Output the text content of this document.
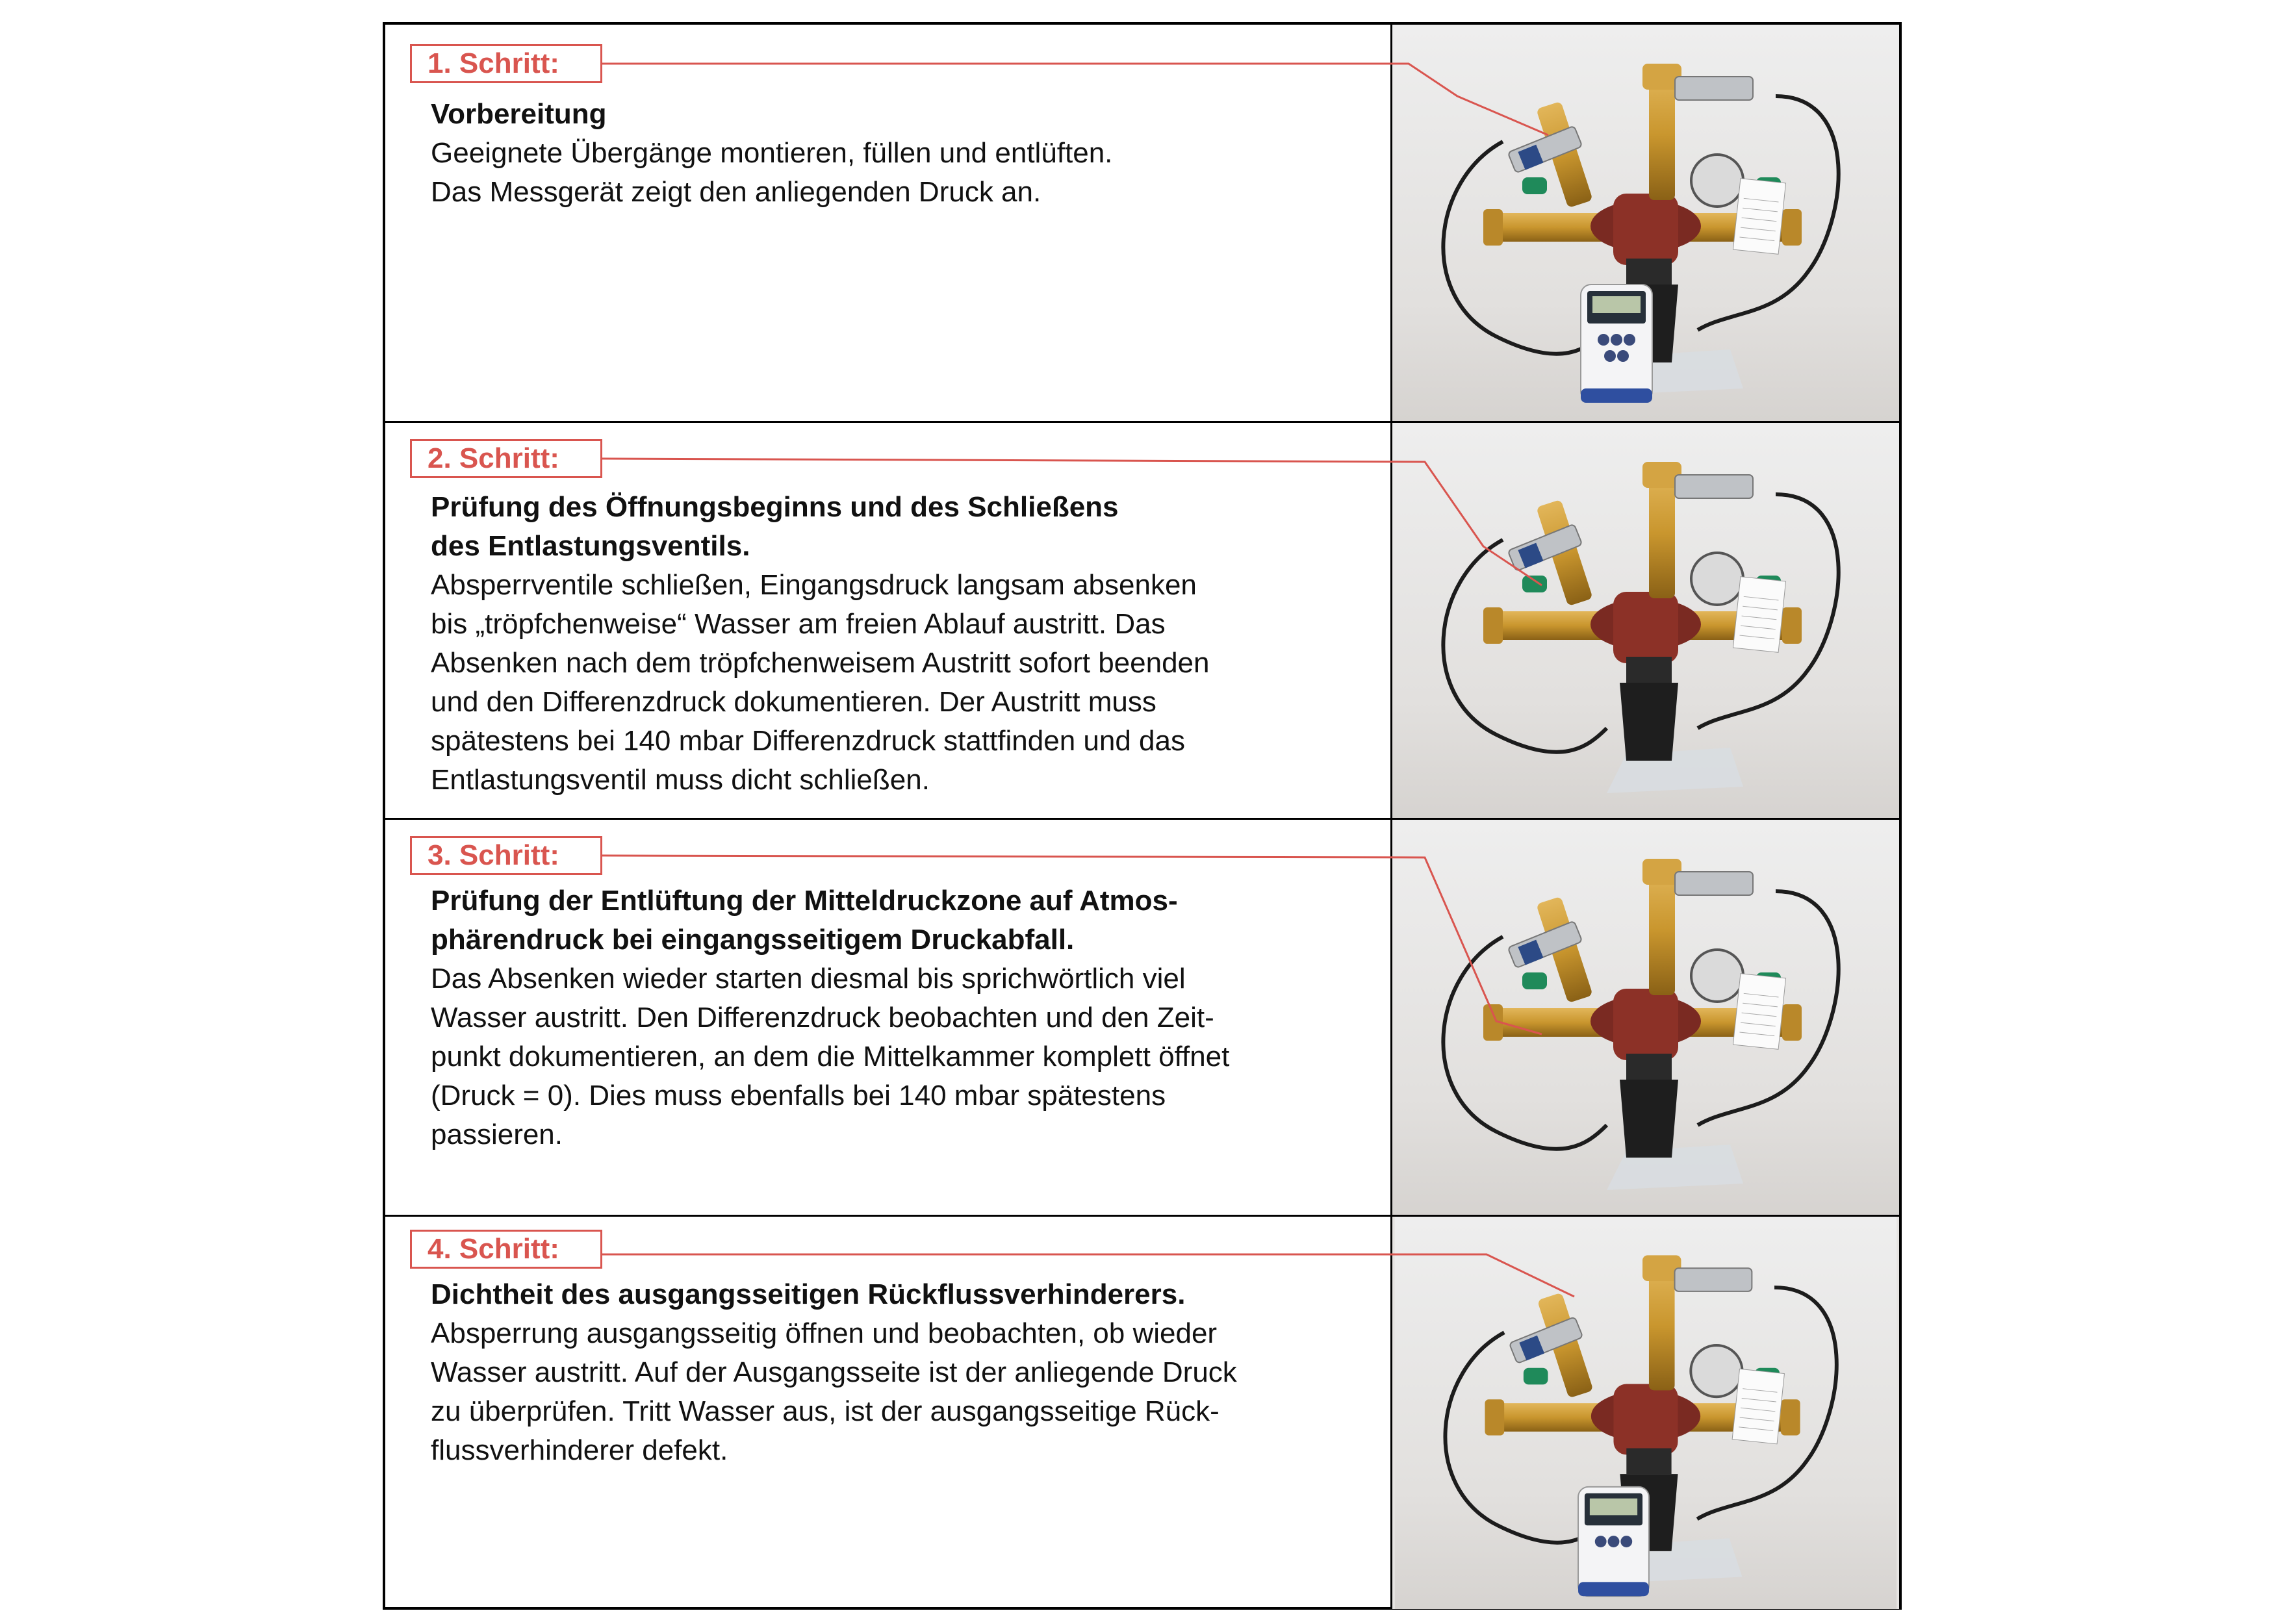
1. Schritt:
Vorbereitung
Geeignete Übergänge montieren, füllen und entlüften.
Das Messgerät zeigt den anliegenden Druck an.
2. Schritt:
Prüfung des Öffnungsbeginns und des Schließens
des Entlastungsventils.
Absperrventile schließen, Eingangsdruck langsam absenken
bis „tröpfchenweise“ Wasser am freien Ablauf austritt. Das
Absenken nach dem tröpfchenweisem Austritt sofort beenden
und den Differenzdruck dokumentieren. Der Austritt muss
spätestens bei 140 mbar Differenzdruck stattfinden und das
Entlastungsventil muss dicht schließen.
3. Schritt:
Prüfung der Entlüftung der Mitteldruckzone auf Atmos-
phärendruck bei eingangsseitigem Druckabfall.
Das Absenken wieder starten diesmal bis sprichwörtlich viel
Wasser austritt. Den Differenzdruck beobachten und den Zeit-
punkt dokumentieren, an dem die Mittelkammer komplett öffnet
(Druck = 0). Dies muss ebenfalls bei 140 mbar spätestens
passieren.
4. Schritt:
Dichtheit des ausgangsseitigen Rückflussverhinderers.
Absperrung ausgangsseitig öffnen und beobachten, ob wieder
Wasser austritt. Auf der Ausgangsseite ist der anliegende Druck
zu überprüfen. Tritt Wasser aus, ist der ausgangsseitige Rück-
flussverhinderer defekt.
